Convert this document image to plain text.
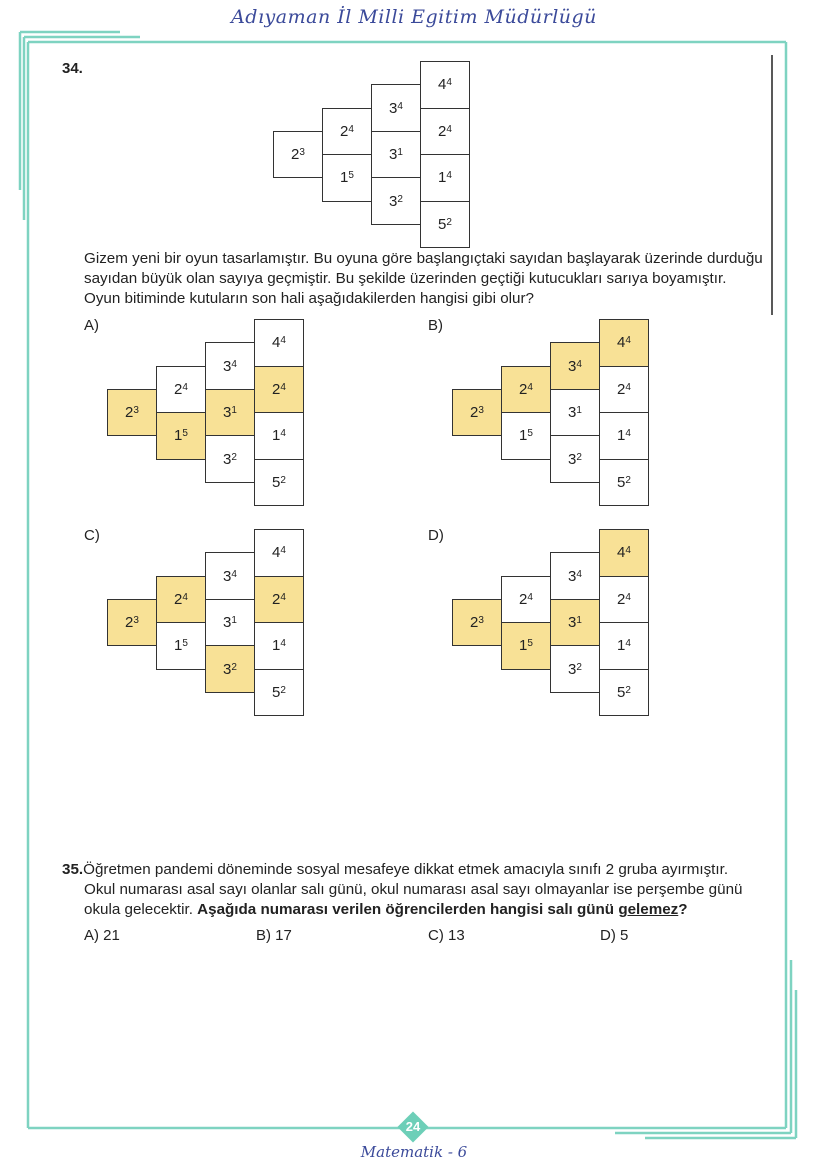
Adıyaman İl Milli Egitim Müdürlügü
34.
$2^3$
$2^4$
$1^5$
$3^4$
$3^1$
$3^2$
$4^4$
$2^4$
$1^4$
$5^2$
Gizem yeni bir oyun tasarlamıştır. Bu oyuna göre başlangıçtaki sayıdan başlayarak üzerinde durduğu sayıdan büyük olan sayıya geçmiştir. Bu şekilde üzerinden geçtiği kutucukları sarıya boyamıştır. Oyun bitiminde kutuların son hali aşağıdakilerden hangisi gibi olur?
A)
$2^3$
$2^4$
$1^5$
$3^4$
$3^1$
$3^2$
$4^4$
$2^4$
$1^4$
$5^2$
B)
$2^3$
$2^4$
$1^5$
$3^4$
$3^1$
$3^2$
$4^4$
$2^4$
$1^4$
$5^2$
C)
$2^3$
$2^4$
$1^5$
$3^4$
$3^1$
$3^2$
$4^4$
$2^4$
$1^4$
$5^2$
D)
$2^3$
$2^4$
$1^5$
$3^4$
$3^1$
$3^2$
$4^4$
$2^4$
$1^4$
$5^2$
35.Öğretmen pandemi döneminde sosyal mesafeye dikkat etmek amacıyla sınıfı 2 gruba ayırmıştır.
Okul numarası asal sayı olanlar salı günü, okul numarası asal sayı olmayanlar ise perşembe günü
okula gelecektir. Aşağıda numarası verilen öğrencilerden hangisi salı günü gelemez?
A) 21	B) 17	C) 13	D) 5
24
Matematik - 6
